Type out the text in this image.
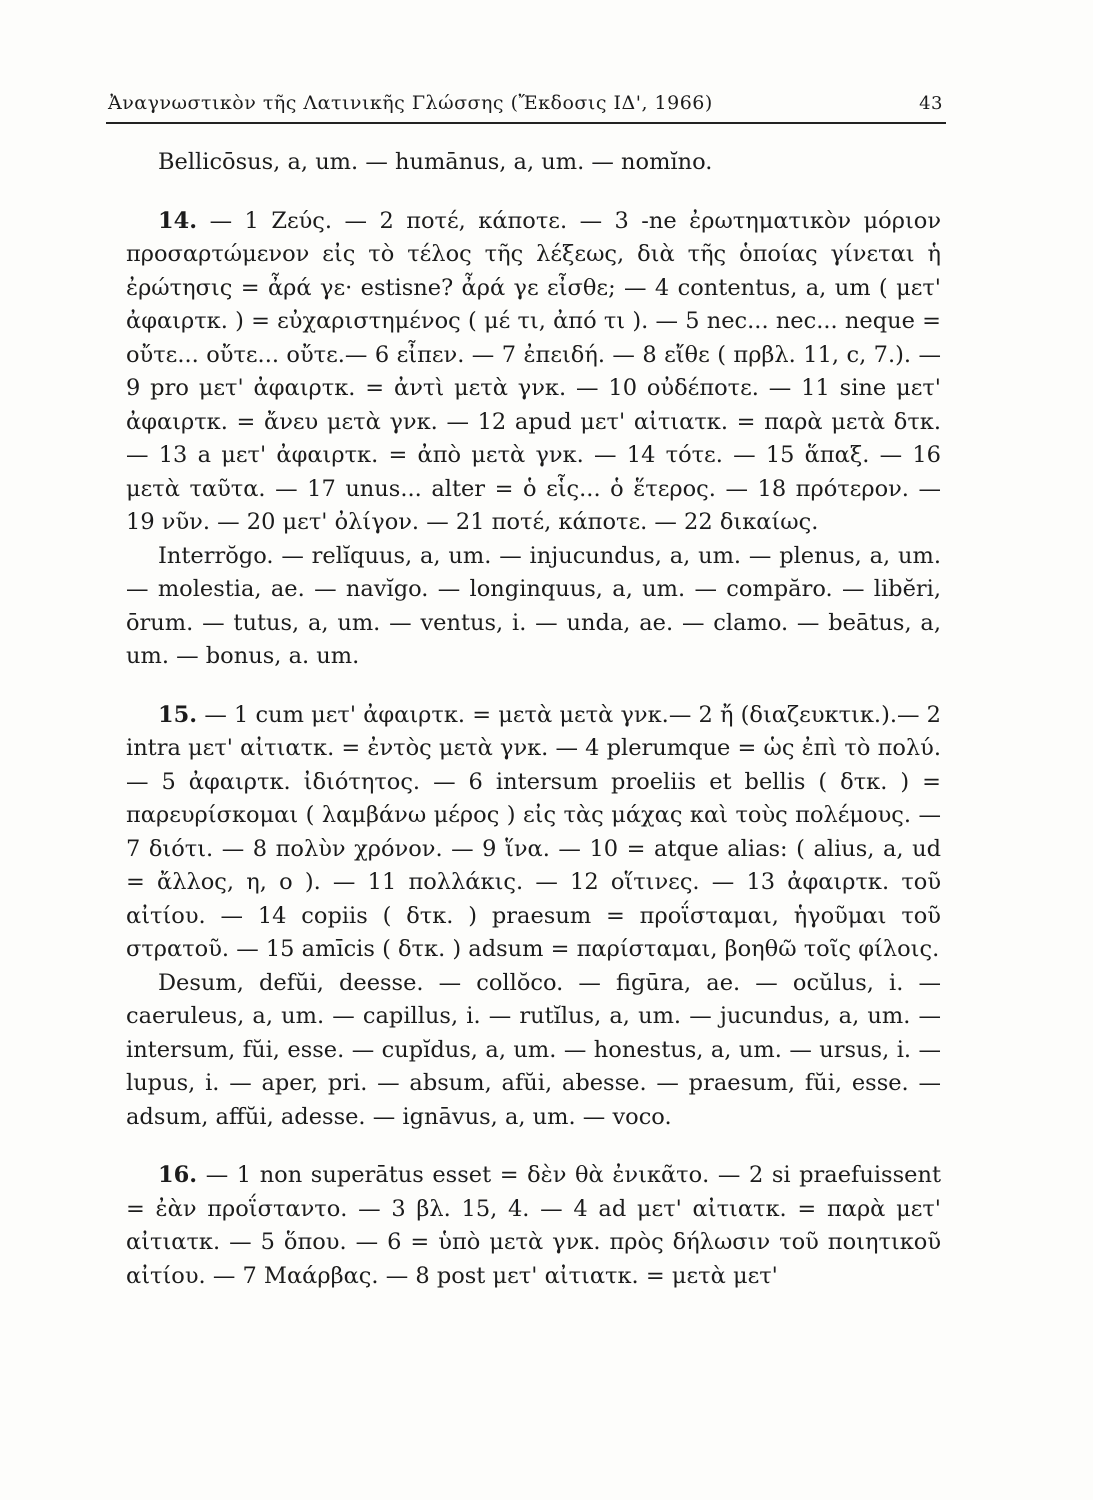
Ἀναγνωστικὸν τῆς Λατινικῆς Γλώσσης (Ἔκδοσις ΙΔ', 1966)	43

Bellicōsus, a, um. — humānus, a, um. — nomĭno.

14. — 1 Ζεύς. — 2 ποτέ, κάποτε. — 3 -ne ἐρωτηματικὸν μόριον προσαρτώμενον εἰς τὸ τέλος τῆς λέξεως, διὰ τῆς ὁποίας γίνεται ἡ ἐρώτησις = ἆρά γε· estisne? ἆρά γε εἶσθε; — 4 contentus, a, um ( μετ' ἀφαιρτκ. ) = εὐχαριστημένος ( μέ τι, ἀπό τι ). — 5 nec... nec... neque = οὔτε... οὔτε... οὔτε.— 6 εἶπεν. — 7 ἐπειδή. — 8 εἴθε ( πρβλ. 11, c, 7.). — 9 pro μετ' ἀφαιρτκ. = ἀντὶ μετὰ γνκ. — 10 οὐδέποτε. — 11 sine μετ' ἀφαιρτκ. = ἄνευ μετὰ γνκ. — 12 apud μετ' αἰτιατκ. = παρὰ μετὰ δτκ. — 13 a μετ' ἀφαιρτκ. = ἀπὸ μετὰ γνκ. — 14 τότε. — 15 ἅπαξ. — 16 μετὰ ταῦτα. — 17 unus... alter = ὁ εἷς... ὁ ἕτερος. — 18 πρότερον. — 19 νῦν. — 20 μετ' ὀλίγον. — 21 ποτέ, κάποτε. — 22 δικαίως.

Interrŏgo. — relĭquus, a, um. — injucundus, a, um. — plenus, a, um. — molestia, ae. — navĭgo. — longinquus, a, um. — compăro. — libĕri, ōrum. — tutus, a, um. — ventus, i. — unda, ae. — clamo. — beātus, a, um. — bonus, a. um.

15. — 1 cum μετ' ἀφαιρτκ. = μετὰ μετὰ γνκ.— 2 ἤ (διαζευκτικ.).— 2 intra μετ' αἰτιατκ. = ἐντὸς μετὰ γνκ. — 4 plerumque = ὡς ἐπὶ τὸ πολύ. — 5 ἀφαιρτκ. ἰδιότητος. — 6 intersum proeliis et bellis ( δτκ. ) = παρευρίσκομαι ( λαμβάνω μέρος ) εἰς τὰς μάχας καὶ τοὺς πολέμους. — 7 διότι. — 8 πολὺν χρόνον. — 9 ἵνα. — 10 = atque alias: ( alius, a, ud = ἄλλος, η, ο ). — 11 πολλάκις. — 12 οἵτινες. — 13 ἀφαιρτκ. τοῦ αἰτίου. — 14 copiis ( δτκ. ) praesum = προΐσταμαι, ἡγοῦμαι τοῦ στρατοῦ. — 15 amīcis ( δτκ. ) adsum = παρίσταμαι, βοηθῶ τοῖς φίλοις.

Desum, defŭi, deesse. — collŏco. — figūra, ae. — ocŭlus, i. — caeruleus, a, um. — capillus, i. — rutĭlus, a, um. — jucundus, a, um. — intersum, fŭi, esse. — cupĭdus, a, um. — honestus, a, um. — ursus, i. — lupus, i. — aper, pri. — absum, afŭi, abesse. — praesum, fŭi, esse. — adsum, affŭi, adesse. — ignāvus, a, um. — voco.

16. — 1 non superātus esset = δὲν θὰ ἐνικᾶτο. — 2 si praefuissent = ἐὰν προΐσταντο. — 3 βλ. 15, 4. — 4 ad μετ' αἰτιατκ. = παρὰ μετ' αἰτιατκ. — 5 ὅπου. — 6 = ὑπὸ μετὰ γνκ. πρὸς δήλωσιν τοῦ ποιητικοῦ αἰτίου. — 7 Μαάρβας. — 8 post μετ' αἰτιατκ. = μετὰ μετ'
